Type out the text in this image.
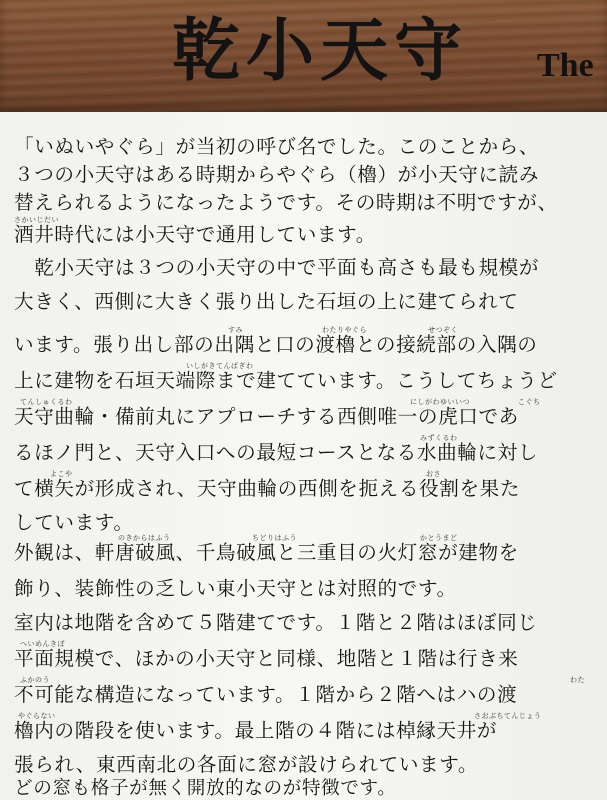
乾小天守 The
「いぬいやぐら」が当初の呼び名でした。このことから、
３つの小天守はある時期からやぐら（櫓）が小天守に読み
替えられるようになったようです。その時期は不明ですが、
さかいじだい
酒井時代には小天守で通用しています。
　乾小天守は３つの小天守の中で平面も高さも最も規模が
大きく、西側に大きく張り出した石垣の上に建てられて
すみ	わたりやぐら	せつぞく
います。張り出し部の出隅と口の渡櫓との接続部の入隅の
いしがきてんばぎわ
上に建物を石垣天端際まで建てています。こうしてちょうど
てんしゅくるわ	にしがわゆいいつ	こぐち
天守曲輪・備前丸にアプローチする西側唯一の虎口であ
みずくるわ
るほノ門と、天守入口への最短コースとなる水曲輪に対し
よこや	おさ
て横矢が形成され、天守曲輪の西側を扼える役割を果た
しています。
のきからはふう	ちどりはふう	かとうまど
外観は、軒唐破風、千鳥破風と三重目の火灯窓が建物を
飾り、装飾性の乏しい東小天守とは対照的です。
室内は地階を含めて５階建てです。１階と２階はほぼ同じ
へいめんきぼ
平面規模で、ほかの小天守と同様、地階と１階は行き来
ふかのう	わた
不可能な構造になっています。１階から２階へはハの渡
やぐらない	さおぶちてんじょう
櫓内の階段を使います。最上階の４階には棹縁天井が
張られ、東西南北の各面に窓が設けられています。
どの窓も格子が無く開放的なのが特徴です。
